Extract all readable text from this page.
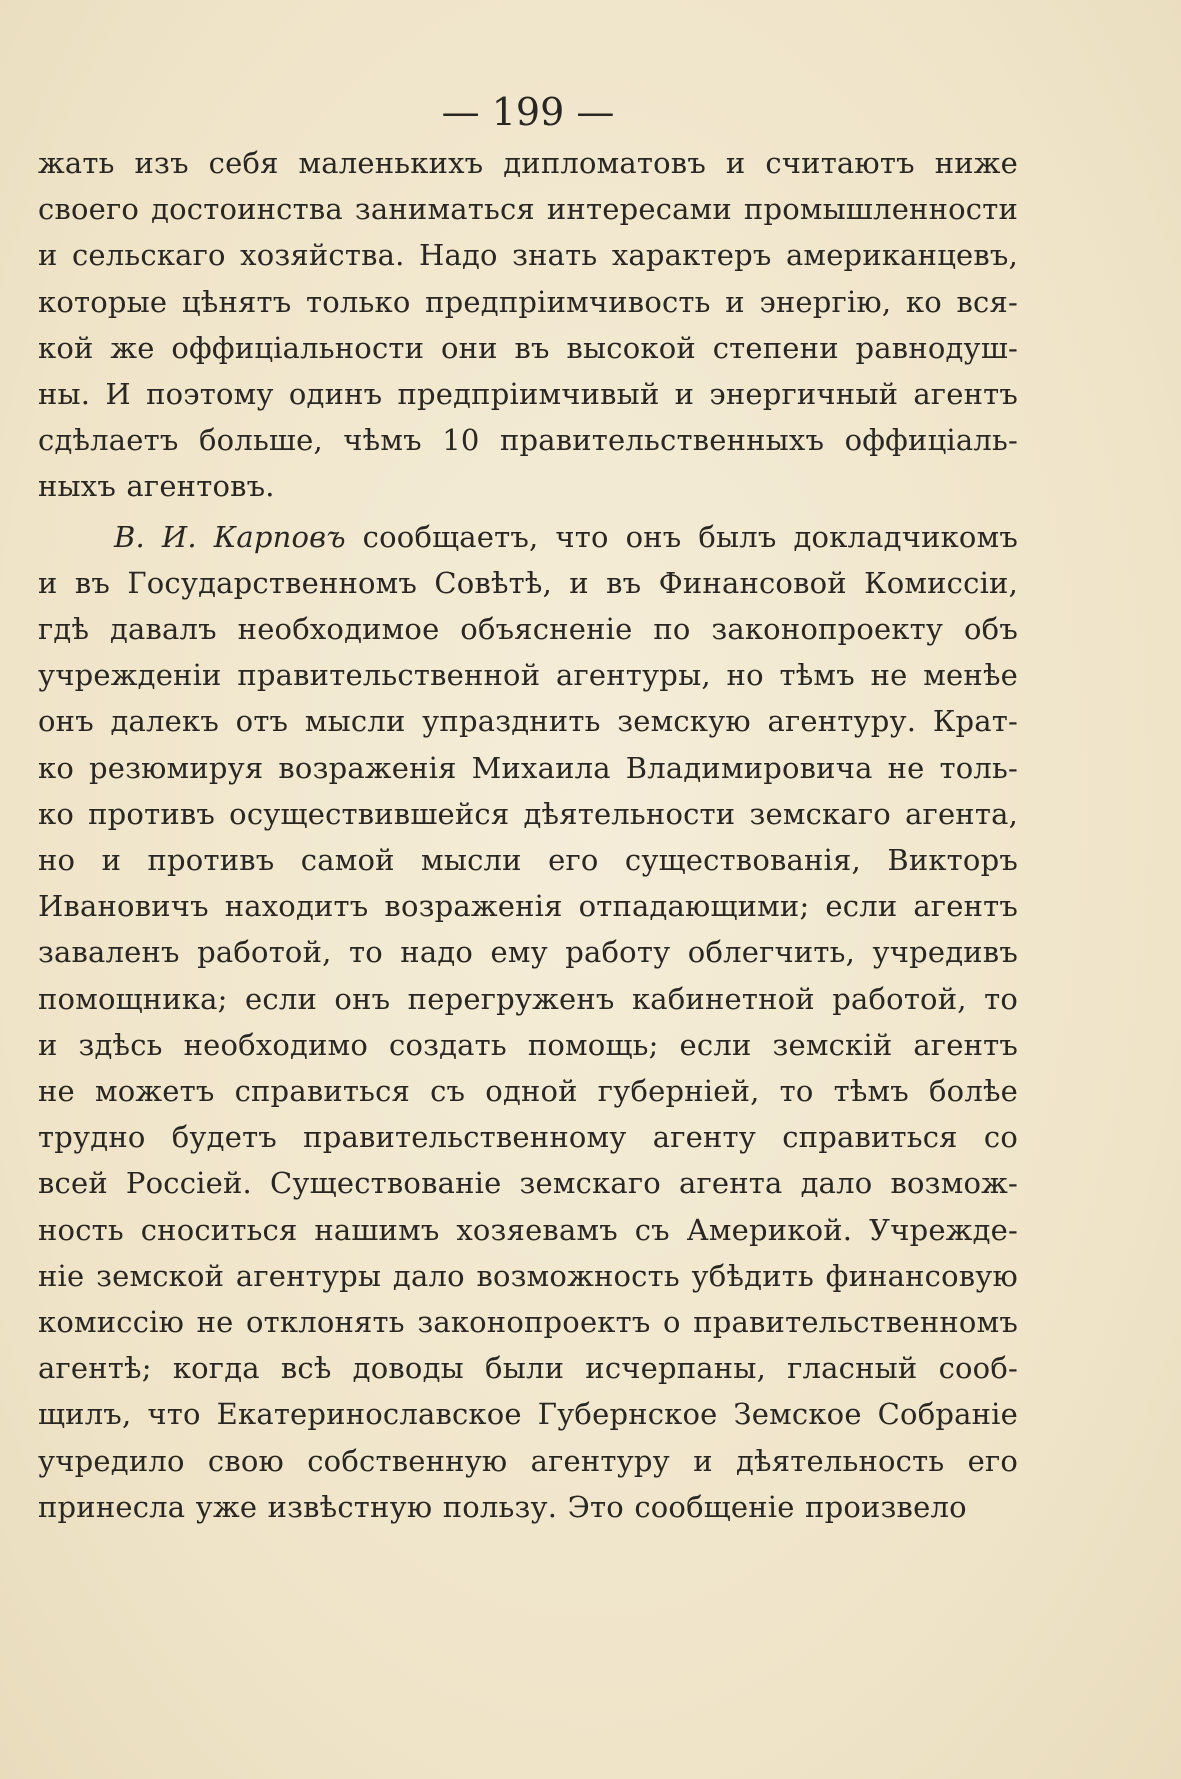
— 199 —
жать изъ себя маленькихъ дипломатовъ и считаютъ ниже
своего достоинства заниматься интересами промышленности
и сельскаго хозяйства. Надо знать характеръ американцевъ,
которые цѣнятъ только предпріимчивость и энергію, ко вся-
кой же оффиціальности они въ высокой степени равнодуш-
ны. И поэтому одинъ предпріимчивый и энергичный агентъ
сдѣлаетъ больше, чѣмъ 10 правительственныхъ оффиціаль-
ныхъ агентовъ.
В. И. Карповъ сообщаетъ, что онъ былъ докладчикомъ
и въ Государственномъ Совѣтѣ, и въ Финансовой Комиссіи,
гдѣ давалъ необходимое объясненіе по законопроекту объ
учрежденіи правительственной агентуры, но тѣмъ не менѣе
онъ далекъ отъ мысли упразднить земскую агентуру. Крат-
ко резюмируя возраженія Михаила Владимировича не толь-
ко противъ осуществившейся дѣятельности земскаго агента,
но и противъ самой мысли его существованія, Викторъ
Ивановичъ находитъ возраженія отпадающими; если агентъ
заваленъ работой, то надо ему работу облегчить, учредивъ
помощника; если онъ перегруженъ кабинетной работой, то
и здѣсь необходимо создать помощь; если земскій агентъ
не можетъ справиться съ одной губерніей, то тѣмъ болѣе
трудно будетъ правительственному агенту справиться со
всей Россіей. Существованіе земскаго агента дало возмож-
ность сноситься нашимъ хозяевамъ съ Америкой. Учрежде-
ніе земской агентуры дало возможность убѣдить финансовую
комиссію не отклонять законопроектъ о правительственномъ
агентѣ; когда всѣ доводы были исчерпаны, гласный сооб-
щилъ, что Екатеринославское Губернское Земское Собраніе
учредило свою собственную агентуру и дѣятельность его
принесла уже извѣстную пользу. Это сообщеніе произвело
